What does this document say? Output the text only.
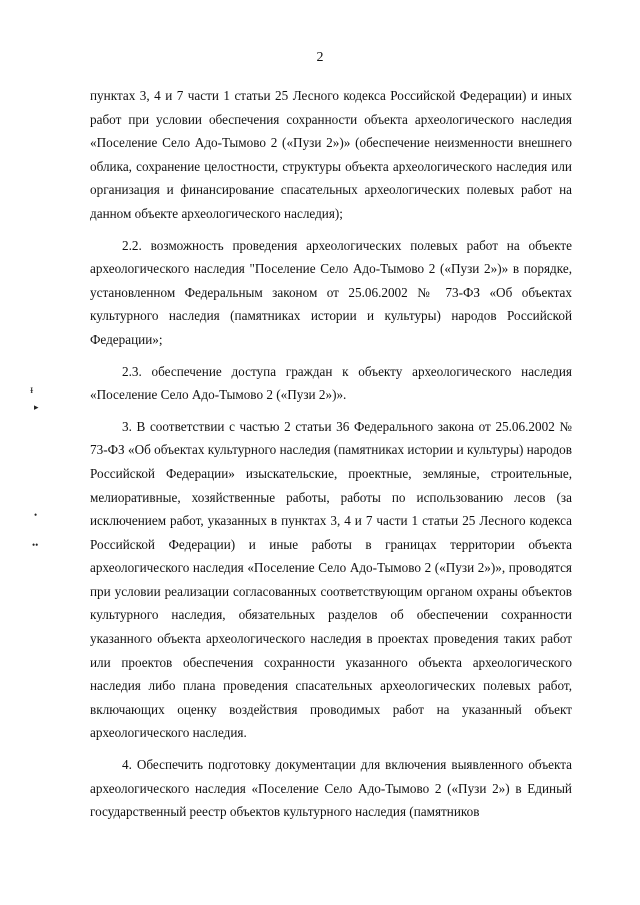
2

пунктах 3, 4 и 7 части 1 статьи 25 Лесного кодекса Российской Федерации) и иных работ при условии обеспечения сохранности объекта археологического наследия «Поселение Село Адо-Тымово 2 («Пузи 2»)» (обеспечение неизменности внешнего облика, сохранение целостности, структуры объекта археологического наследия или организация и финансирование спасательных археологических полевых работ на данном объекте археологического наследия);

2.2. возможность проведения археологических полевых работ на объекте археологического наследия "Поселение Село Адо-Тымово 2 («Пузи 2»)» в порядке, установленном Федеральным законом от 25.06.2002 № 73-ФЗ «Об объектах культурного наследия (памятниках истории и культуры) народов Российской Федерации»;

2.3. обеспечение доступа граждан к объекту археологического наследия «Поселение Село Адо-Тымово 2 («Пузи 2»)».

3. В соответствии с частью 2 статьи 36 Федерального закона от 25.06.2002 № 73-ФЗ «Об объектах культурного наследия (памятниках истории и культуры) народов Российской Федерации» изыскательские, проектные, земляные, строительные, мелиоративные, хозяйственные работы, работы по использованию лесов (за исключением работ, указанных в пунктах 3, 4 и 7 части 1 статьи 25 Лесного кодекса Российской Федерации) и иные работы в границах территории объекта археологического наследия «Поселение Село Адо-Тымово 2 («Пузи 2»)», проводятся при условии реализации согласованных соответствующим органом охраны объектов культурного наследия, обязательных разделов об обеспечении сохранности указанного объекта археологического наследия в проектах проведения таких работ или проектов обеспечения сохранности указанного объекта археологического наследия либо плана проведения спасательных археологических полевых работ, включающих оценку воздействия проводимых работ на указанный объект археологического наследия.

4. Обеспечить подготовку документации для включения выявленного объекта археологического наследия «Поселение Село Адо-Тымово 2 («Пузи 2») в Единый государственный реестр объектов культурного наследия (памятников

ᵻ
▸
•
••
